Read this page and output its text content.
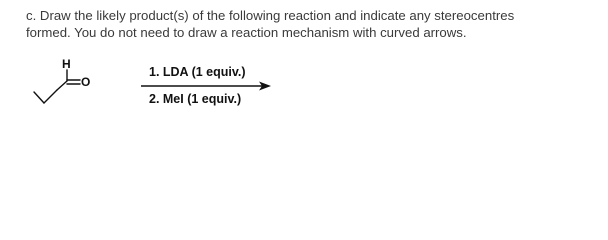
c. Draw the likely product(s) of the following reaction and indicate any stereocentres
formed. You do not need to draw a reaction mechanism with curved arrows.
H
O
1. LDA (1 equiv.)
2. MeI (1 equiv.)
